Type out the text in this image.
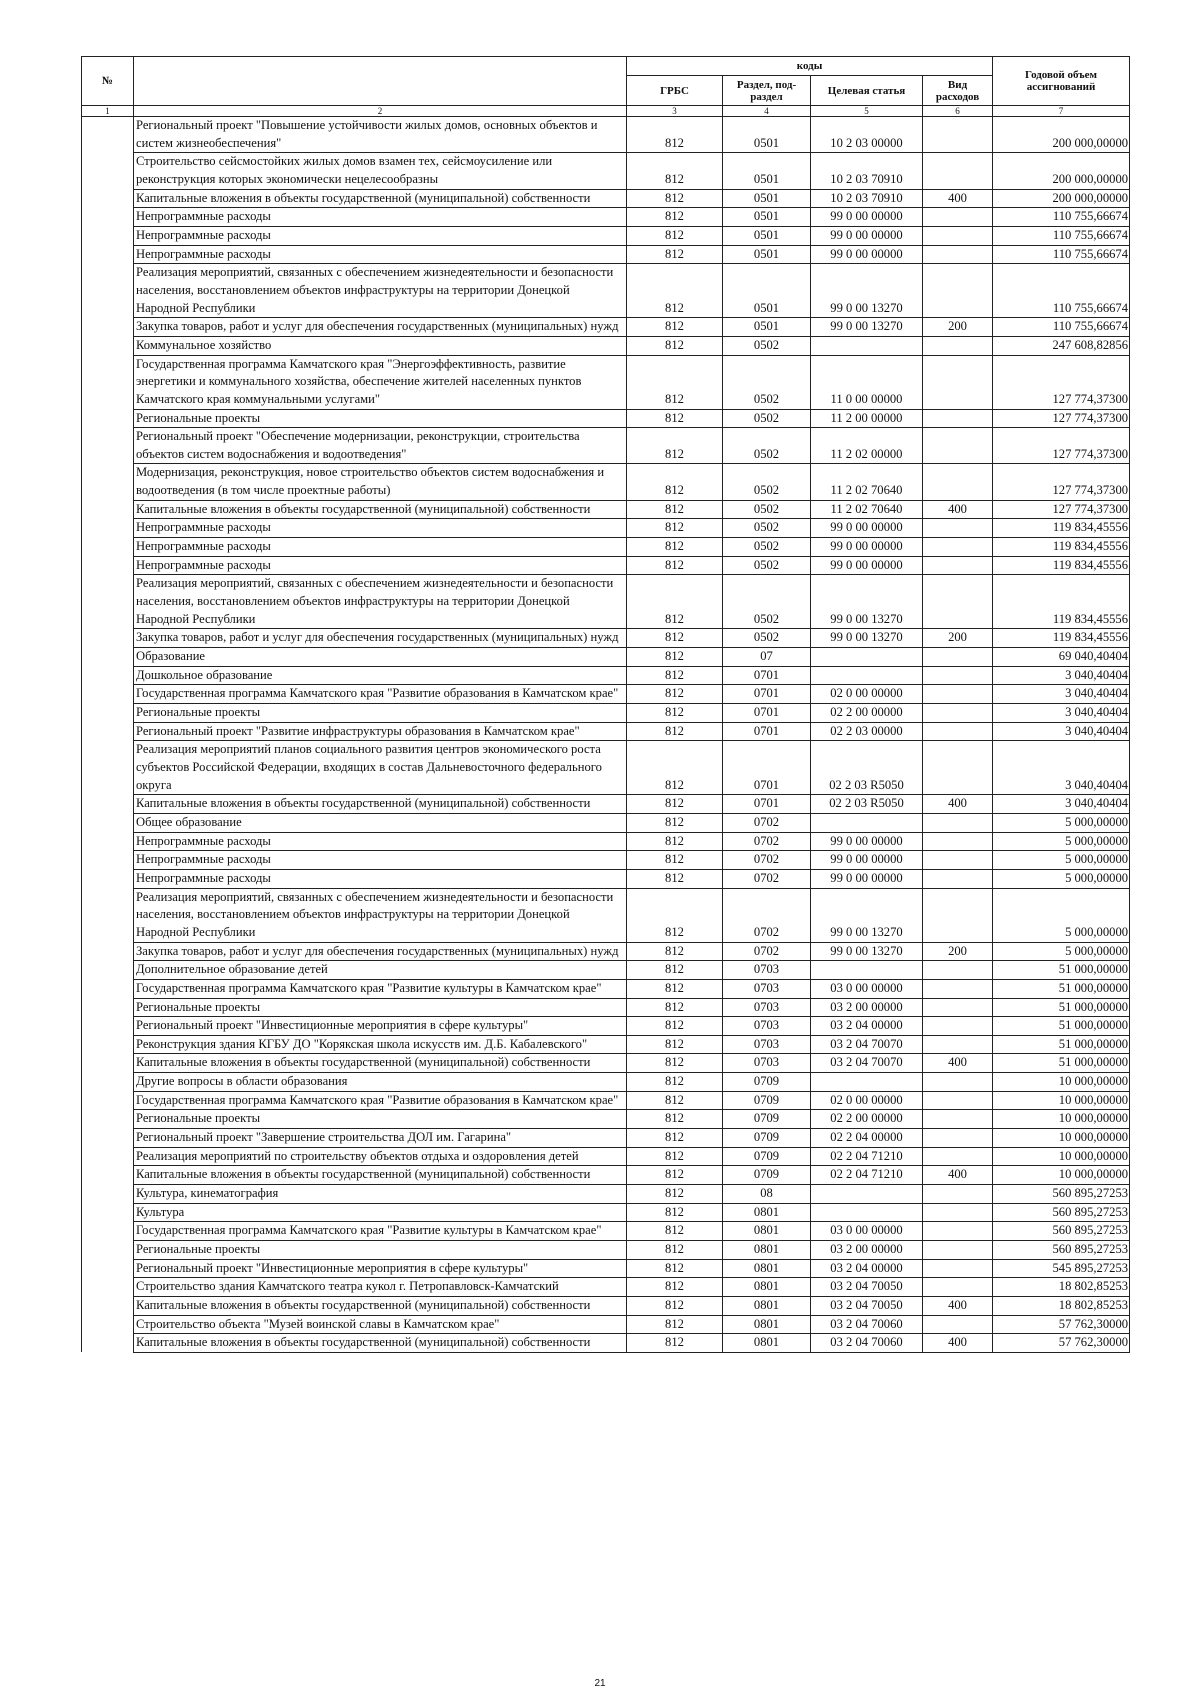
№		коды				Годовой объем ассигнований
		ГРБС	Раздел, под-раздел	Целевая статья	Вид расходов	
1	2	3	4	5	6	7
	Региональный проект "Повышение устойчивости жилых домов, основных объектов и систем жизнеобеспечения"	812	0501	10 2 03 00000		200 000,00000
	Строительство сейсмостойких жилых домов взамен тех, сейсмоусиление или реконструкция которых экономически нецелесообразны	812	0501	10 2 03 70910		200 000,00000
	Капитальные вложения в объекты государственной (муниципальной) собственности	812	0501	10 2 03 70910	400	200 000,00000
	Непрограммные расходы	812	0501	99 0 00 00000		110 755,66674
	Непрограммные расходы	812	0501	99 0 00 00000		110 755,66674
	Непрограммные расходы	812	0501	99 0 00 00000		110 755,66674
	Реализация мероприятий, связанных с обеспечением жизнедеятельности и безопасности населения, восстановлением объектов инфраструктуры на территории Донецкой Народной Республики	812	0501	99 0 00 13270		110 755,66674
	Закупка товаров, работ и услуг для обеспечения государственных (муниципальных) нужд	812	0501	99 0 00 13270	200	110 755,66674
	Коммунальное хозяйство	812	0502			247 608,82856
	Государственная программа Камчатского края "Энергоэффективность, развитие энергетики и коммунального хозяйства, обеспечение жителей населенных пунктов Камчатского края коммунальными услугами"	812	0502	11 0 00 00000		127 774,37300
	Региональные проекты	812	0502	11 2 00 00000		127 774,37300
	Региональный проект "Обеспечение модернизации, реконструкции, строительства объектов систем водоснабжения и водоотведения"	812	0502	11 2 02 00000		127 774,37300
	Модернизация, реконструкция, новое строительство объектов систем водоснабжения и водоотведения (в том числе проектные работы)	812	0502	11 2 02 70640		127 774,37300
	Капитальные вложения в объекты государственной (муниципальной) собственности	812	0502	11 2 02 70640	400	127 774,37300
	Непрограммные расходы	812	0502	99 0 00 00000		119 834,45556
	Непрограммные расходы	812	0502	99 0 00 00000		119 834,45556
	Непрограммные расходы	812	0502	99 0 00 00000		119 834,45556
	Реализация мероприятий, связанных с обеспечением жизнедеятельности и безопасности населения, восстановлением объектов инфраструктуры на территории Донецкой Народной Республики	812	0502	99 0 00 13270		119 834,45556
	Закупка товаров, работ и услуг для обеспечения государственных (муниципальных) нужд	812	0502	99 0 00 13270	200	119 834,45556
	Образование	812	07			69 040,40404
	Дошкольное образование	812	0701			3 040,40404
	Государственная программа Камчатского края "Развитие образования в Камчатском крае"	812	0701	02 0 00 00000		3 040,40404
	Региональные проекты	812	0701	02 2 00 00000		3 040,40404
	Региональный проект "Развитие инфраструктуры образования в Камчатском крае"	812	0701	02 2 03 00000		3 040,40404
	Реализация мероприятий планов социального развития центров экономического роста субъектов Российской Федерации, входящих в состав Дальневосточного федерального округа	812	0701	02 2 03 R5050		3 040,40404
	Капитальные вложения в объекты государственной (муниципальной) собственности	812	0701	02 2 03 R5050	400	3 040,40404
	Общее образование	812	0702			5 000,00000
	Непрограммные расходы	812	0702	99 0 00 00000		5 000,00000
	Непрограммные расходы	812	0702	99 0 00 00000		5 000,00000
	Непрограммные расходы	812	0702	99 0 00 00000		5 000,00000
	Реализация мероприятий, связанных с обеспечением жизнедеятельности и безопасности населения, восстановлением объектов инфраструктуры на территории Донецкой Народной Республики	812	0702	99 0 00 13270		5 000,00000
	Закупка товаров, работ и услуг для обеспечения государственных (муниципальных) нужд	812	0702	99 0 00 13270	200	5 000,00000
	Дополнительное образование детей	812	0703			51 000,00000
	Государственная программа Камчатского края "Развитие культуры в Камчатском крае"	812	0703	03 0 00 00000		51 000,00000
	Региональные проекты	812	0703	03 2 00 00000		51 000,00000
	Региональный проект "Инвестиционные мероприятия в сфере культуры"	812	0703	03 2 04 00000		51 000,00000
	Реконструкция здания КГБУ ДО "Корякская школа искусств им. Д.Б. Кабалевского"	812	0703	03 2 04 70070		51 000,00000
	Капитальные вложения в объекты государственной (муниципальной) собственности	812	0703	03 2 04 70070	400	51 000,00000
	Другие вопросы в области образования	812	0709			10 000,00000
	Государственная программа Камчатского края "Развитие образования в Камчатском крае"	812	0709	02 0 00 00000		10 000,00000
	Региональные проекты	812	0709	02 2 00 00000		10 000,00000
	Региональный проект "Завершение строительства ДОЛ им. Гагарина"	812	0709	02 2 04 00000		10 000,00000
	Реализация мероприятий по строительству объектов отдыха и оздоровления детей	812	0709	02 2 04 71210		10 000,00000
	Капитальные вложения в объекты государственной (муниципальной) собственности	812	0709	02 2 04 71210	400	10 000,00000
	Культура, кинематография	812	08			560 895,27253
	Культура	812	0801			560 895,27253
	Государственная программа Камчатского края "Развитие культуры в Камчатском крае"	812	0801	03 0 00 00000		560 895,27253
	Региональные проекты	812	0801	03 2 00 00000		560 895,27253
	Региональный проект "Инвестиционные мероприятия в сфере культуры"	812	0801	03 2 04 00000		545 895,27253
	Строительство здания Камчатского театра кукол г. Петропавловск-Камчатский	812	0801	03 2 04 70050		18 802,85253
	Капитальные вложения в объекты государственной (муниципальной) собственности	812	0801	03 2 04 70050	400	18 802,85253
	Строительство объекта "Музей воинской славы в Камчатском крае"	812	0801	03 2 04 70060		57 762,30000
	Капитальные вложения в объекты государственной (муниципальной) собственности	812	0801	03 2 04 70060	400	57 762,30000
21
